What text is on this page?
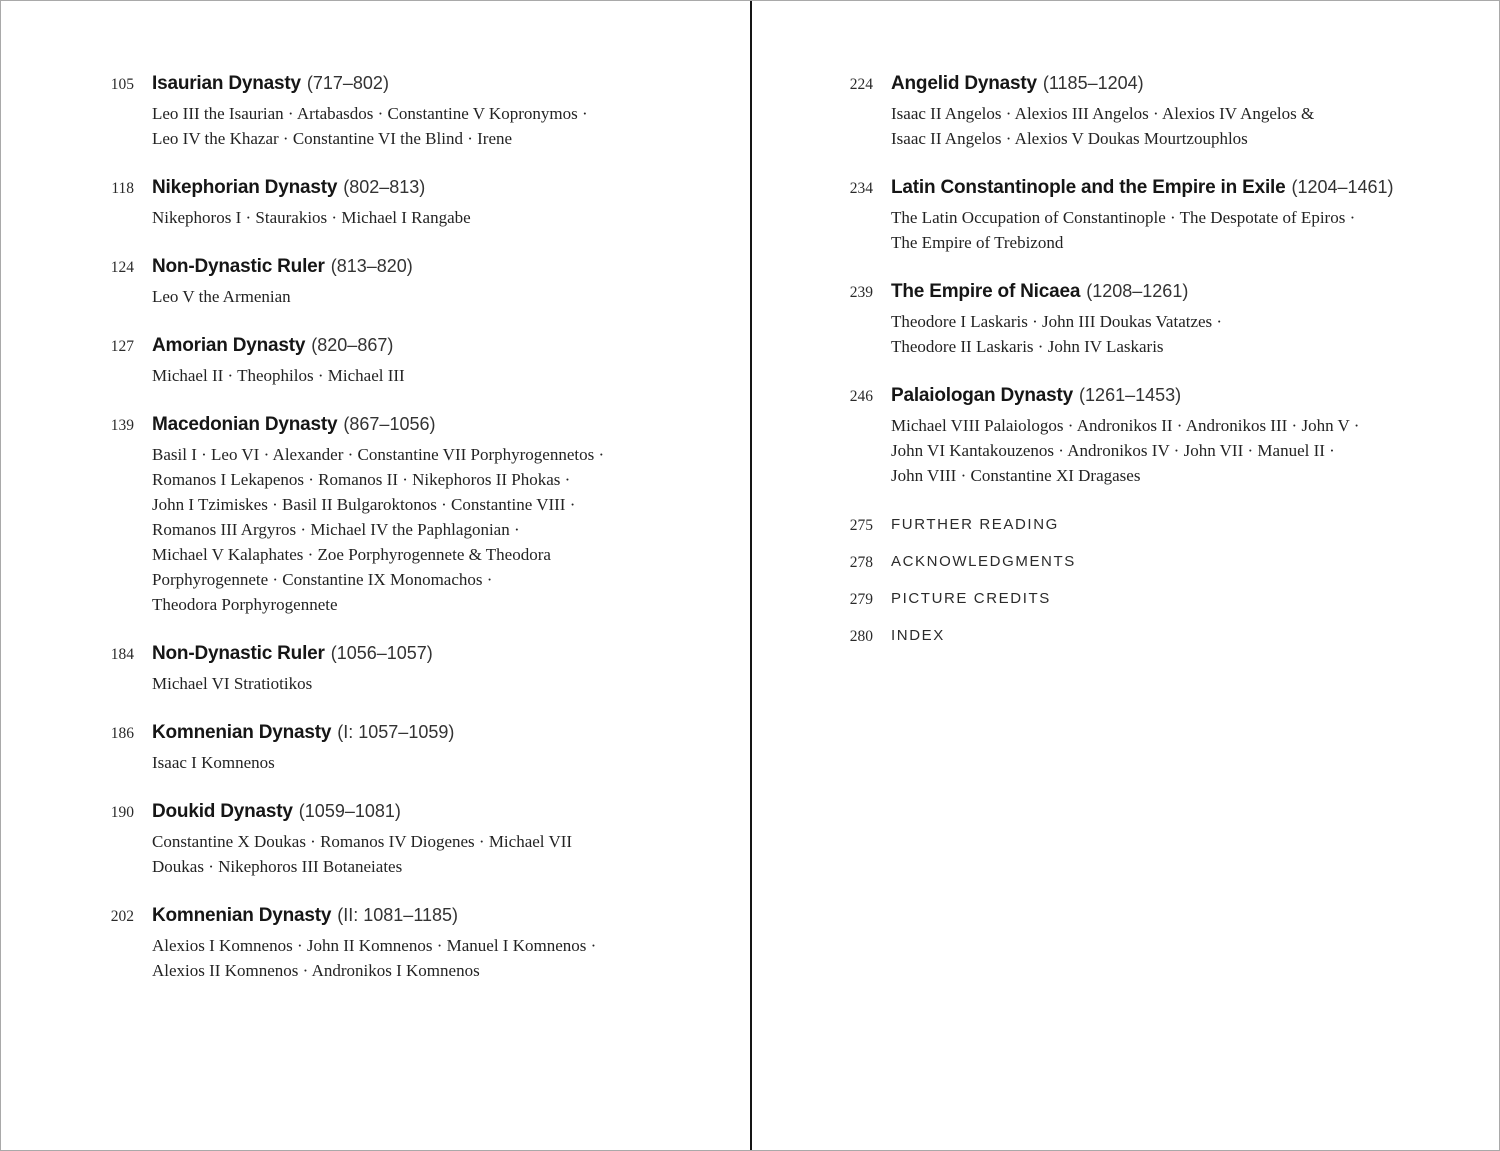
105 Isaurian Dynasty (717–802)
Leo III the Isaurian · Artabasdos · Constantine V Kopronymos ·
Leo IV the Khazar · Constantine VI the Blind · Irene
118 Nikephorian Dynasty (802–813)
Nikephoros I · Staurakios · Michael I Rangabe
124 Non-Dynastic Ruler (813–820)
Leo V the Armenian
127 Amorian Dynasty (820–867)
Michael II · Theophilos · Michael III
139 Macedonian Dynasty (867–1056)
Basil I · Leo VI · Alexander · Constantine VII Porphyrogennetos ·
Romanos I Lekapenos · Romanos II · Nikephoros II Phokas ·
John I Tzimiskes · Basil II Bulgaroktonos · Constantine VIII ·
Romanos III Argyros · Michael IV the Paphlagonian ·
Michael V Kalaphates · Zoe Porphyrogennete & Theodora
Porphyrogennete · Constantine IX Monomachos ·
Theodora Porphyrogennete
184 Non-Dynastic Ruler (1056–1057)
Michael VI Stratiotikos
186 Komnenian Dynasty (I: 1057–1059)
Isaac I Komnenos
190 Doukid Dynasty (1059–1081)
Constantine X Doukas · Romanos IV Diogenes · Michael VII
Doukas · Nikephoros III Botaneiates
202 Komnenian Dynasty (II: 1081–1185)
Alexios I Komnenos · John II Komnenos · Manuel I Komnenos ·
Alexios II Komnenos · Andronikos I Komnenos
224 Angelid Dynasty (1185–1204)
Isaac II Angelos · Alexios III Angelos · Alexios IV Angelos &
Isaac II Angelos · Alexios V Doukas Mourtzouphlos
234 Latin Constantinople and the Empire in Exile (1204–1461)
The Latin Occupation of Constantinople · The Despotate of Epiros ·
The Empire of Trebizond
239 The Empire of Nicaea (1208–1261)
Theodore I Laskaris · John III Doukas Vatatzes ·
Theodore II Laskaris · John IV Laskaris
246 Palaiologan Dynasty (1261–1453)
Michael VIII Palaiologos · Andronikos II · Andronikos III · John V ·
John VI Kantakouzenos · Andronikos IV · John VII · Manuel II ·
John VIII · Constantine XI Dragases
275 FURTHER READING
278 ACKNOWLEDGMENTS
279 PICTURE CREDITS
280 INDEX
